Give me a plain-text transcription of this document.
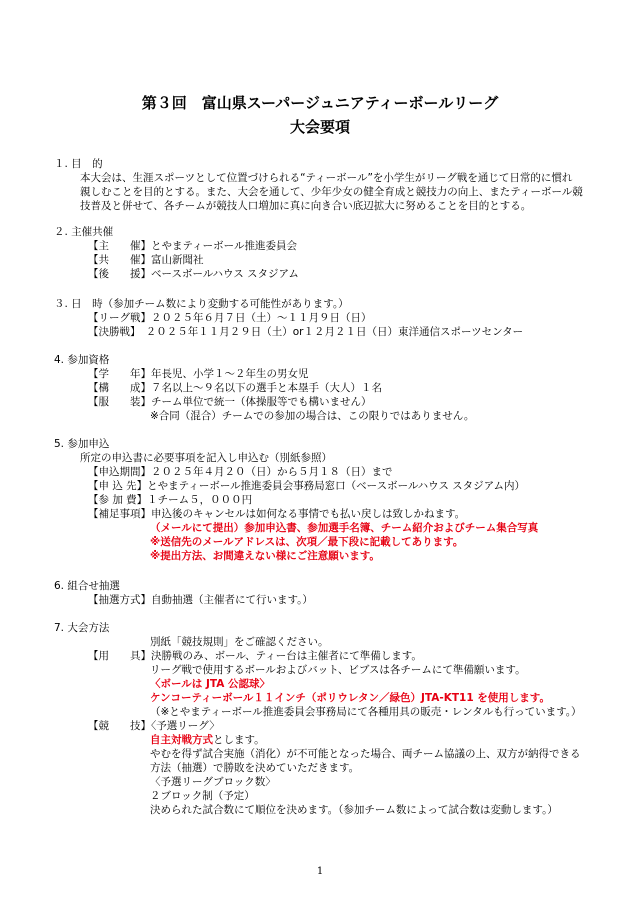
第３回　富山県スーパージュニアティーボールリーグ
大会要項
１. 目　的
本大会は、生涯スポーツとして位置づけられる“ティーボール”を小学生がリーグ戦を通じて日常的に慣れ
親しむことを目的とする。また、大会を通して、少年少女の健全育成と競技力の向上、またティーボール競
技普及と併せて、各チームが競技人口増加に真に向き合い底辺拡大に努めることを目的とする。
２. 主催共催
【主　　催】とやまティーボール推進委員会
【共　　催】富山新聞社
【後　　援】ベースボールハウス スタジアム
３. 日　時（参加チーム数により変動する可能性があります。）
【リーグ戦】２０２５年６月７日（土）～１１月９日（日）
【決勝戦】　２０２５年１１月２９日（土）or１２月２１日（日）東洋通信スポーツセンター
4. 参加資格
【学　　年】年長児、小学１～２年生の男女児
【構　　成】７名以上～９名以下の選手と本塁手（大人）１名
【服　　装】チーム単位で統一（体操服等でも構いません）
※合同（混合）チームでの参加の場合は、この限りではありません。
5. 参加申込
所定の申込書に必要事項を記入し申込む（別紙参照）
【申込期間】２０２５年４月２０（日）から５月１８（日）まで
【申 込 先】とやまティーボール推進委員会事務局窓口（ベースボールハウス スタジアム内）
【参 加 費】１チーム５，０００円
【補足事項】申込後のキャンセルは如何なる事情でも払い戻しは致しかねます。
（メールにて提出）参加申込書、参加選手名簿、チーム紹介およびチーム集合写真
※送信先のメールアドレスは、次項／最下段に記載してあります。
※提出方法、お間違えない様にご注意願います。
6. 組合せ抽選
【抽選方式】自動抽選（主催者にて行います。）
7. 大会方法
別紙「競技規則」をご確認ください。
【用　　具】決勝戦のみ、ボール、ティー台は主催者にて準備します。
リーグ戦で使用するボールおよびバット、ビブスは各チームにて準備願います。
〈ボールは JTA 公認球〉
ケンコーティーボール１１インチ（ポリウレタン／緑色）JTA-KT11 を使用します。
（※とやまティーボール推進委員会事務局にて各種用具の販売・レンタルも行っています。）
【競　　技】〈予選リーグ〉
自主対戦方式とします。
やむを得ず試合実施（消化）が不可能となった場合、両チーム協議の上、双方が納得できる
方法（抽選）で勝敗を決めていただきます。
〈予選リーグブロック数〉
２ブロック制（予定）
決められた試合数にて順位を決めます。（参加チーム数によって試合数は変動します。）
1
